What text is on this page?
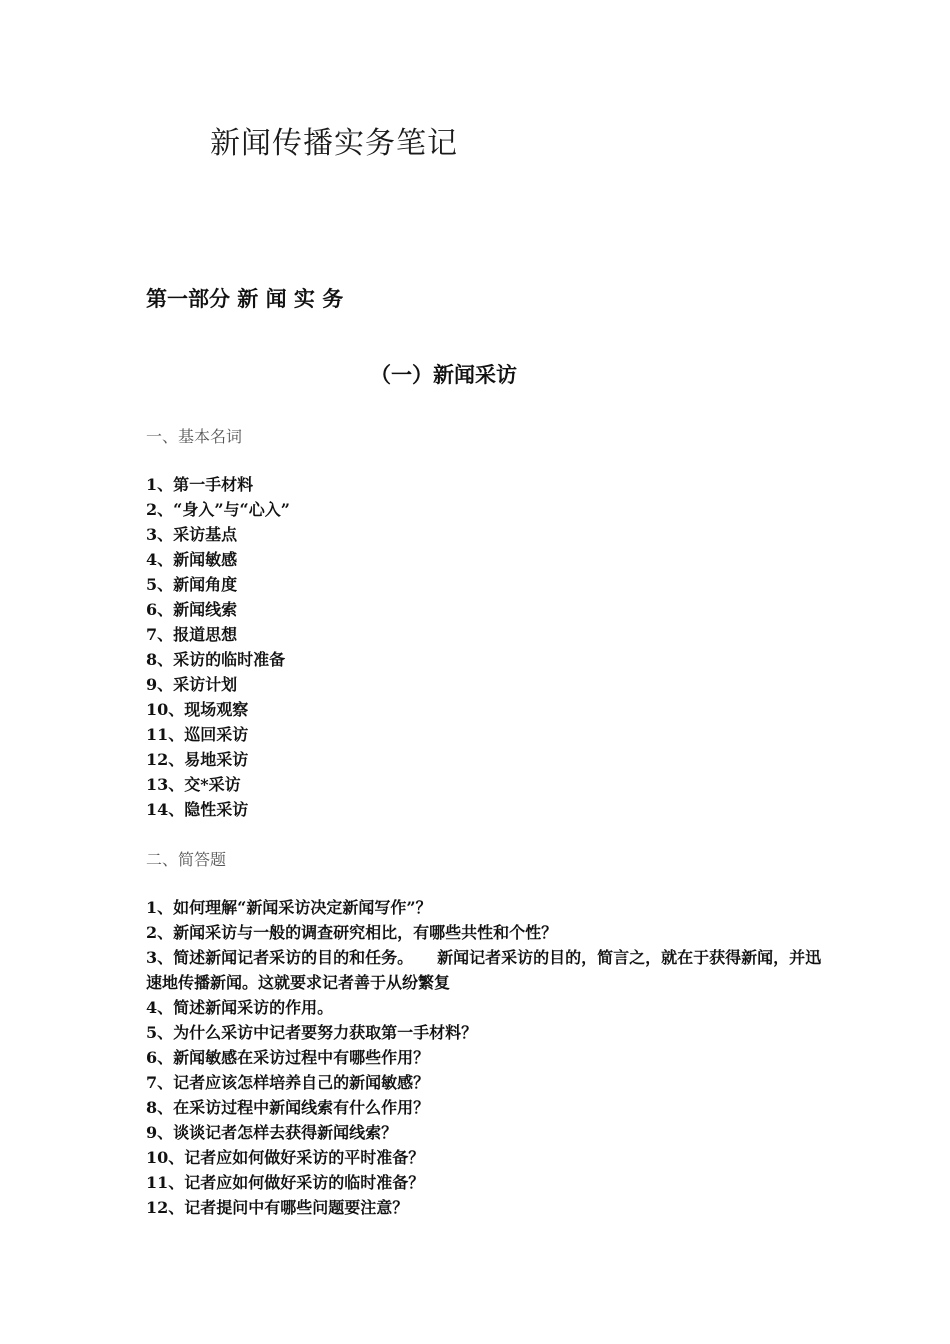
新闻传播实务笔记
第一部分 新 闻 实 务
（一）新闻采访
一、基本名词
1、第一手材料
2、“身入”与“心入”
3、采访基点
4、新闻敏感
5、新闻角度
6、新闻线索
7、报道思想
8、采访的临时准备
9、采访计划
10、现场观察
11、巡回采访
12、易地采访
13、交*采访
14、隐性采访
二、简答题
1、如何理解“新闻采访决定新闻写作”？
2、新闻采访与一般的调查研究相比，有哪些共性和个性？
3、简述新闻记者采访的目的和任务。　　新闻记者采访的目的，简言之，就在于获得新闻，并迅速地传播新闻。这就要求记者善于从纷繁复
4、简述新闻采访的作用。
5、为什么采访中记者要努力获取第一手材料？
6、新闻敏感在采访过程中有哪些作用？
7、记者应该怎样培养自己的新闻敏感？
8、在采访过程中新闻线索有什么作用？
9、谈谈记者怎样去获得新闻线索？
10、记者应如何做好采访的平时准备？
11、记者应如何做好采访的临时准备？
12、记者提问中有哪些问题要注意？
